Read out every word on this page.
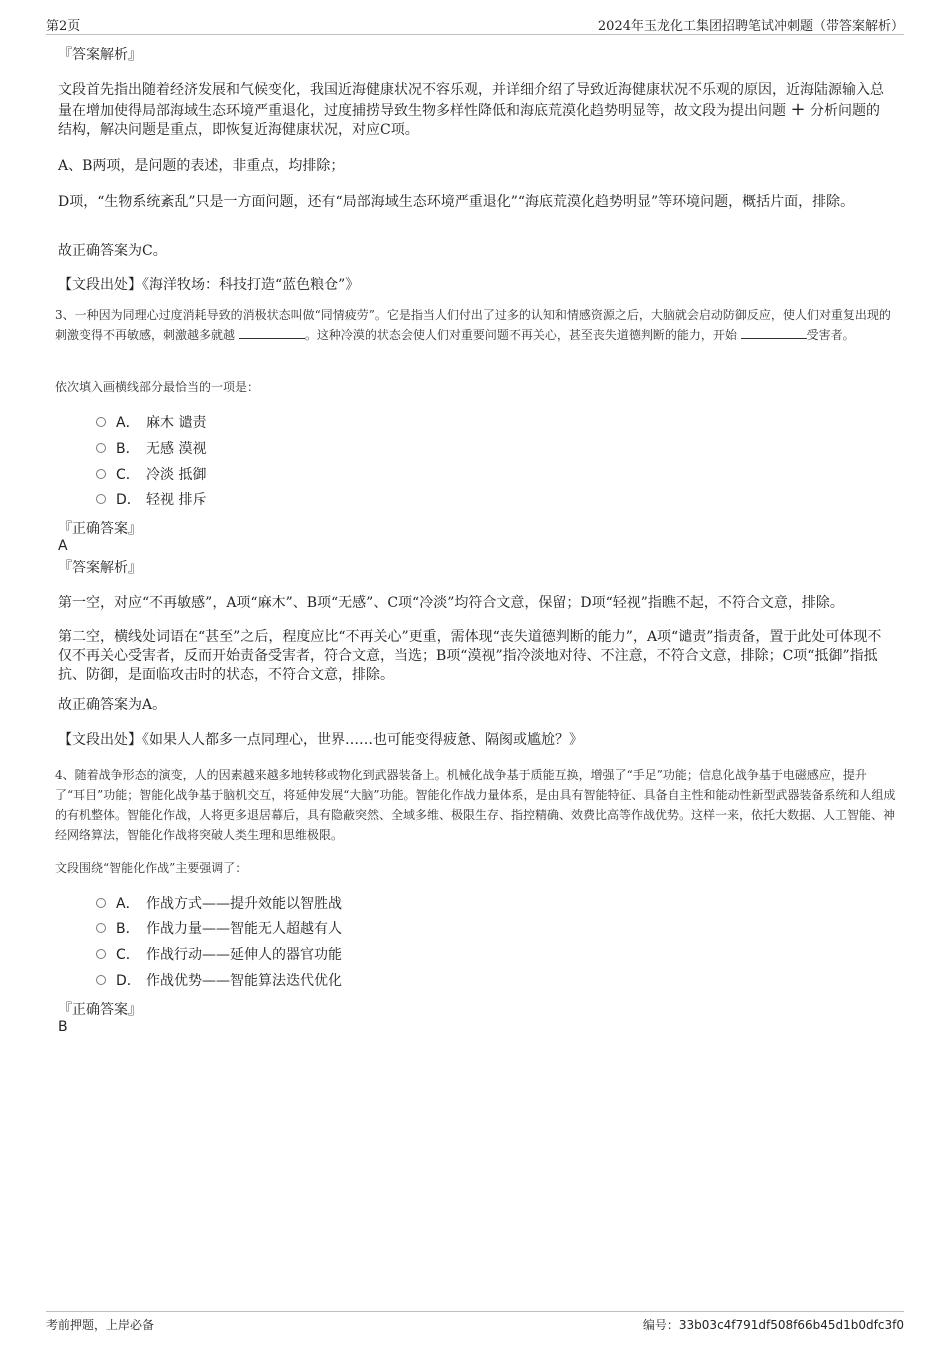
第2页	2024年玉龙化工集团招聘笔试冲刺题（带答案解析）

『答案解析』

文段首先指出随着经济发展和气候变化，我国近海健康状况不容乐观，并详细介绍了导致近海健康状况不乐观的原因，近海陆源输入总量在增加使得局部海域生态环境严重退化，过度捕捞导致生物多样性降低和海底荒漠化趋势明显等，故文段为提出问题 + 分析问题的结构，解决问题是重点，即恢复近海健康状况，对应C项。

A、B两项，是问题的表述，非重点，均排除；

D项，“生物系统紊乱”只是一方面问题，还有“局部海域生态环境严重退化”“海底荒漠化趋势明显”等环境问题，概括片面，排除。

故正确答案为C。

【文段出处】《海洋牧场：科技打造“蓝色粮仓”》

3、一种因为同理心过度消耗导致的消极状态叫做“同情疲劳”。它是指当人们付出了过多的认知和情感资源之后，大脑就会启动防御反应，使人们对重复出现的刺激变得不再敏感，刺激越多就越	。这种冷漠的状态会使人们对重要问题不再关心，甚至丧失道德判断的能力，开始	受害者。

依次填入画横线部分最恰当的一项是：

A． 麻木 谴责
B． 无感 漠视
C． 冷淡 抵御
D． 轻视 排斥

『正确答案』

A

『答案解析』

第一空，对应“不再敏感”，A项“麻木”、B项“无感”、C项“冷淡”均符合文意，保留；D项“轻视”指瞧不起，不符合文意，排除。

第二空，横线处词语在“甚至”之后，程度应比“不再关心”更重，需体现“丧失道德判断的能力”，A项“谴责”指责备，置于此处可体现不仅不再关心受害者，反而开始责备受害者，符合文意，当选；B项“漠视”指冷淡地对待、不注意，不符合文意，排除；C项“抵御”指抵抗、防御，是面临攻击时的状态，不符合文意，排除。

故正确答案为A。

【文段出处】《如果人人都多一点同理心，世界……也可能变得疲惫、隔阂或尴尬？》

4、随着战争形态的演变，人的因素越来越多地转移或物化到武器装备上。机械化战争基于质能互换，增强了“手足”功能；信息化战争基于电磁感应，提升了“耳目”功能；智能化战争基于脑机交互，将延伸发展“大脑”功能。智能化作战力量体系，是由具有智能特征、具备自主性和能动性新型武器装备系统和人组成的有机整体。智能化作战，人将更多退居幕后，具有隐蔽突然、全域多维、极限生存、指控精确、效费比高等作战优势。这样一来，依托大数据、人工智能、神经网络算法，智能化作战将突破人类生理和思维极限。

文段围绕“智能化作战”主要强调了：

A． 作战方式——提升效能以智胜战
B． 作战力量——智能无人超越有人
C． 作战行动——延伸人的器官功能
D． 作战优势——智能算法迭代优化

『正确答案』

B
考前押题，上岸必备	编号：33b03c4f791df508f66b45d1b0dfc3f0
